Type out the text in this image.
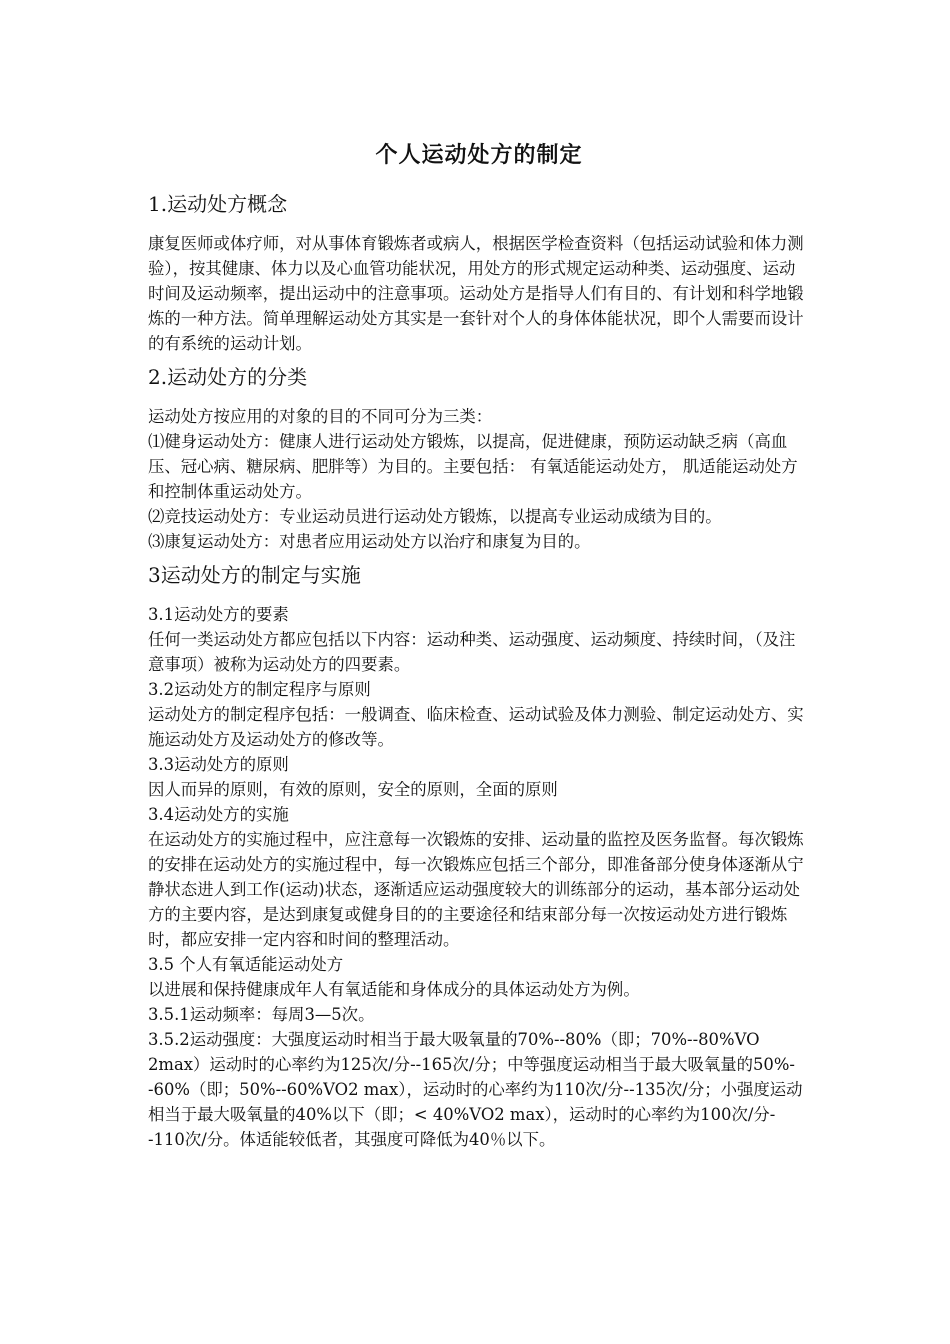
个人运动处方的制定
1.运动处方概念

康复医师或体疗师，对从事体育锻炼者或病人，根据医学检查资料（包括运动试验和体力测验），按其健康、体力以及心血管功能状况，用处方的形式规定运动种类、运动强度、运动时间及运动频率，提出运动中的注意事项。运动处方是指导人们有目的、有计划和科学地锻炼的一种方法。简单理解运动处方其实是一套针对个人的身体体能状况，即个人需要而设计的有系统的运动计划。

2.运动处方的分类

运动处方按应用的对象的目的不同可分为三类：

⑴健身运动处方：健康人进行运动处方锻炼，以提高，促进健康，预防运动缺乏病（高血压、冠心病、糖尿病、肥胖等）为目的。主要包括： 有氧适能运动处方， 肌适能运动处方和控制体重运动处方。

⑵竞技运动处方：专业运动员进行运动处方锻炼，以提高专业运动成绩为目的。

⑶康复运动处方：对患者应用运动处方以治疗和康复为目的。

3运动处方的制定与实施

3.1运动处方的要素

任何一类运动处方都应包括以下内容：运动种类、运动强度、运动频度、持续时间，（及注意事项）被称为运动处方的四要素。

3.2运动处方的制定程序与原则

运动处方的制定程序包括：一般调查、临床检查、运动试验及体力测验、制定运动处方、实施运动处方及运动处方的修改等。

3.3运动处方的原则

因人而异的原则，有效的原则，安全的原则，全面的原则

3.4运动处方的实施

在运动处方的实施过程中，应注意每一次锻炼的安排、运动量的监控及医务监督。每次锻炼的安排在运动处方的实施过程中，每一次锻炼应包括三个部分，即准备部分使身体逐渐从宁静状态进人到工作(运动)状态，逐渐适应运动强度较大的训练部分的运动，基本部分运动处方的主要内容，是达到康复或健身目的的主要途径和结束部分每一次按运动处方进行锻炼时，都应安排一定内容和时间的整理活动。

3.5 个人有氧适能运动处方

以进展和保持健康成年人有氧适能和身体成分的具体运动处方为例。

3.5.1运动频率：每周3—5次。

3.5.2运动强度：大强度运动时相当于最大吸氧量的70%--80%（即；70%--80%VO 2max）运动时的心率约为125次/分--165次/分；中等强度运动相当于最大吸氧量的50%--60%（即；50%--60%VO2 max），运动时的心率约为110次/分--135次/分；小强度运动相当于最大吸氧量的40%以下（即；< 40%VO2 max），运动时的心率约为100次/分--110次/分。体适能较低者，其强度可降低为40％以下。
